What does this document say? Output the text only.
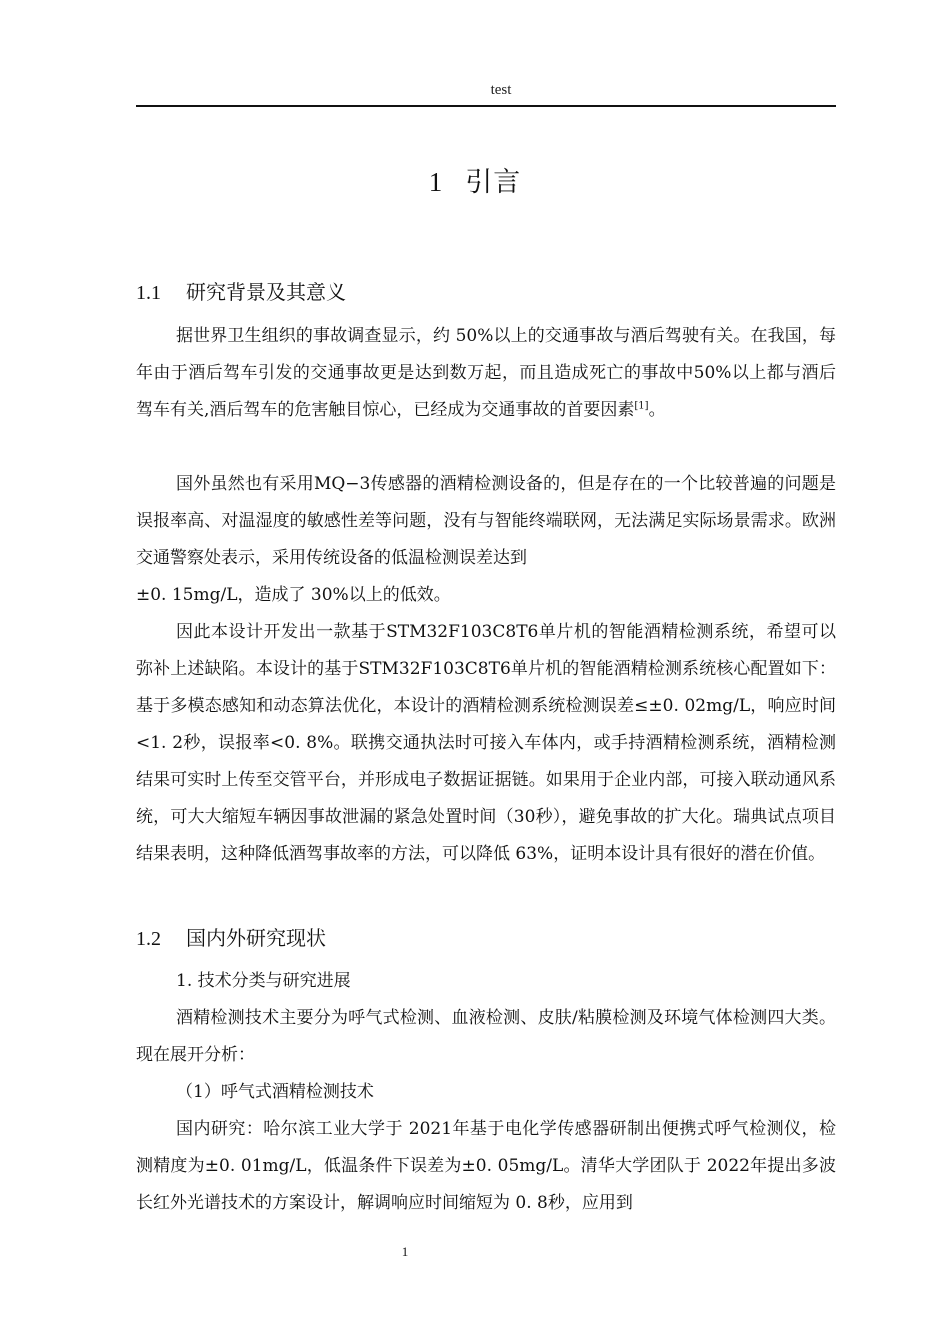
test
1 引言
1.1 研究背景及其意义

据世界卫生组织的事故调查显示，约 50%以上的交通事故与酒后驾驶有关。在我国，每年由于酒后驾车引发的交通事故更是达到数万起，而且造成死亡的事故中50%以上都与酒后驾车有关,酒后驾车的危害触目惊心，已经成为交通事故的首要因素[1]。

国外虽然也有采用MQ−3传感器的酒精检测设备的，但是存在的一个比较普遍的问题是误报率高、对温湿度的敏感性差等问题，没有与智能终端联网，无法满足实际场景需求。欧洲交通警察处表示，采用传统设备的低温检测误差达到

±0. 15mg/L，造成了 30%以上的低效。

因此本设计开发出一款基于STM32F103C8T6单片机的智能酒精检测系统，希望可以弥补上述缺陷。本设计的基于STM32F103C8T6单片机的智能酒精检测系统核心配置如下：基于多模态感知和动态算法优化，本设计的酒精检测系统检测误差≤±0. 02mg/L，响应时间<1. 2秒，误报率<0. 8%。联携交通执法时可接入车体内，或手持酒精检测系统，酒精检测结果可实时上传至交管平台，并形成电子数据证据链。如果用于企业内部，可接入联动通风系统，可大大缩短车辆因事故泄漏的紧急处置时间（30秒），避免事故的扩大化。瑞典试点项目结果表明，这种降低酒驾事故率的方法，可以降低 63%，证明本设计具有很好的潜在价值。

1.2 国内外研究现状
1. 技术分类与研究进展

酒精检测技术主要分为呼气式检测、血液检测、皮肤/粘膜检测及环境气体检测四大类。现在展开分析：

（1）呼气式酒精检测技术

国内研究：哈尔滨工业大学于 2021年基于电化学传感器研制出便携式呼气检测仪，检测精度为±0. 01mg/L，低温条件下误差为±0. 05mg/L。清华大学团队于 2022年提出多波长红外光谱技术的方案设计，解调响应时间缩短为 0. 8秒，应用到

1
